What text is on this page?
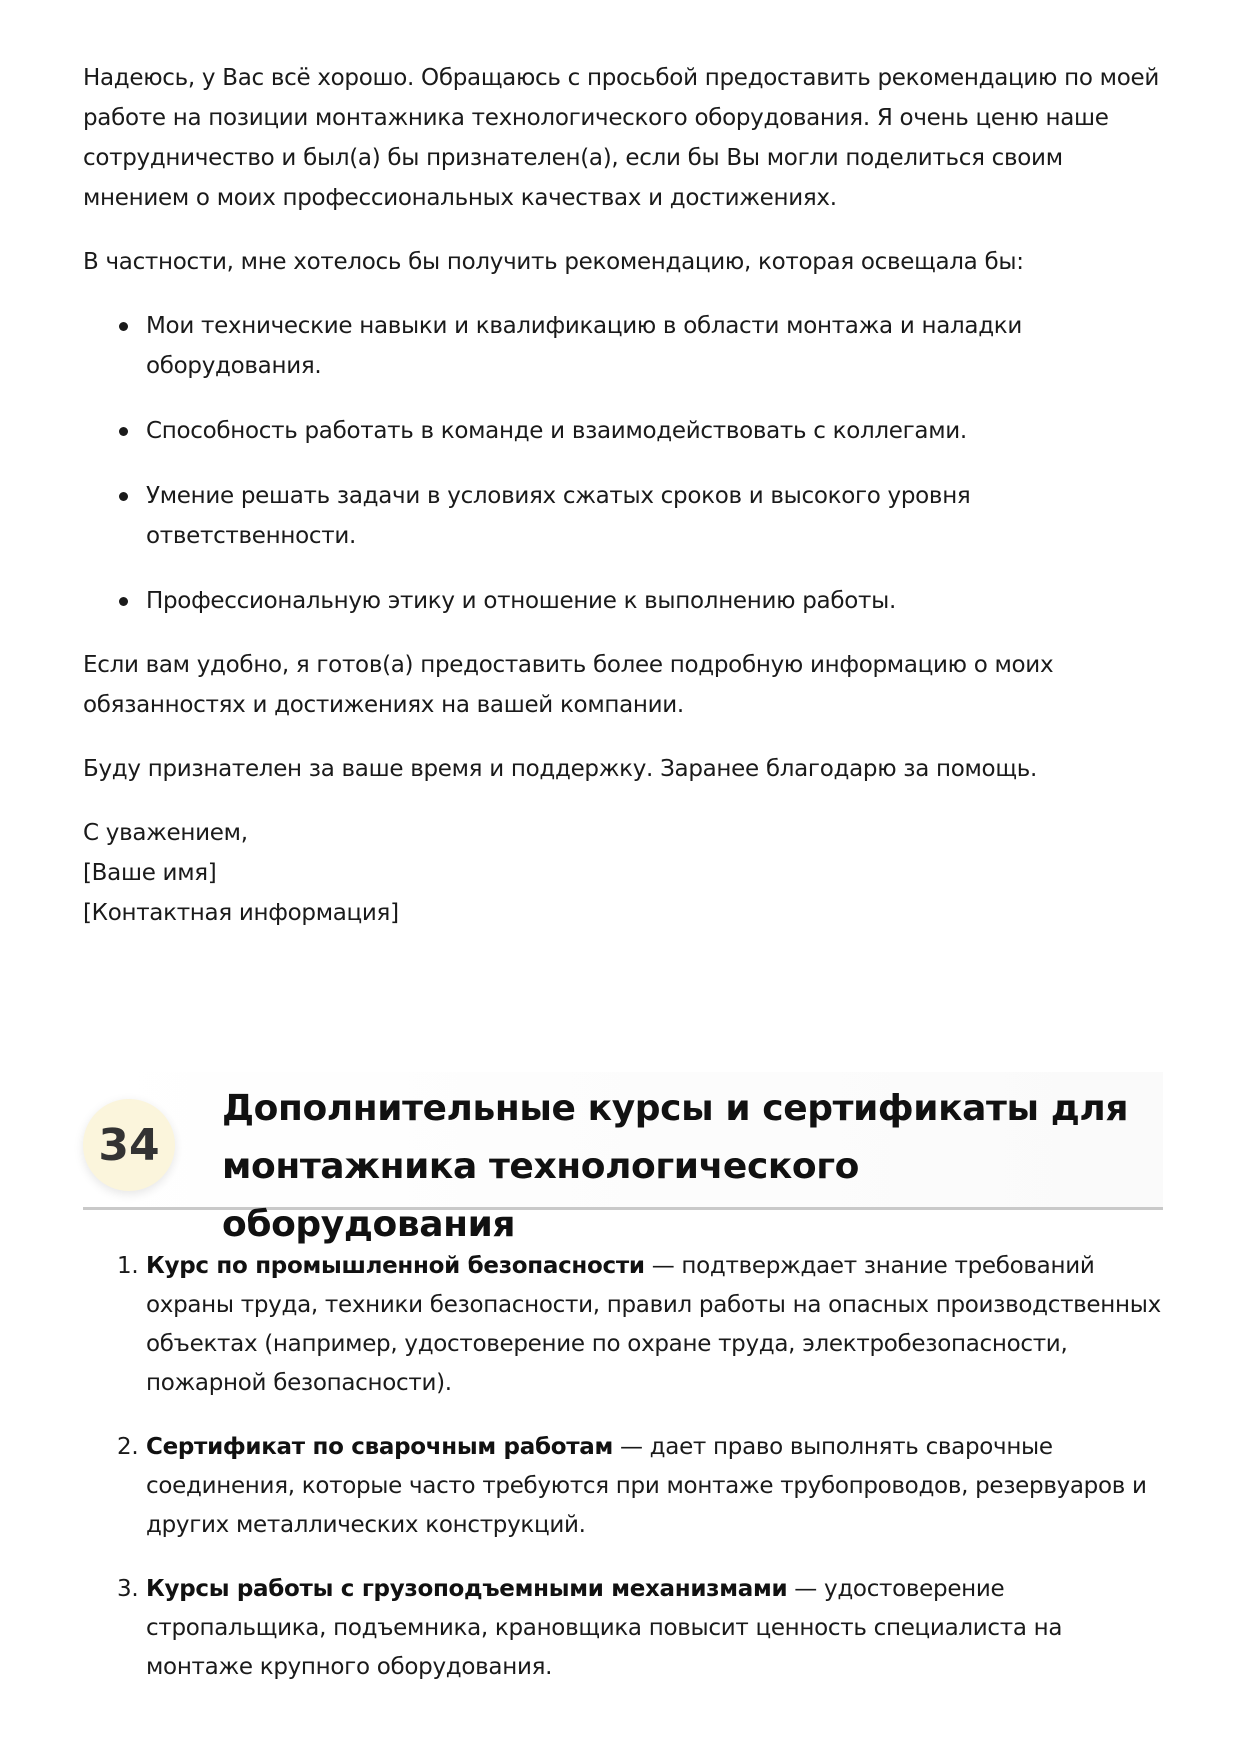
Надеюсь, у Вас всё хорошо. Обращаюсь с просьбой предоставить рекомендацию по моей работе на позиции монтажника технологического оборудования. Я очень ценю наше сотрудничество и был(а) бы признателен(а), если бы Вы могли поделиться своим мнением о моих профессиональных качествах и достижениях.

В частности, мне хотелось бы получить рекомендацию, которая освещала бы:

Мои технические навыки и квалификацию в области монтажа и наладки оборудования.
Способность работать в команде и взаимодействовать с коллегами.
Умение решать задачи в условиях сжатых сроков и высокого уровня ответственности.
Профессиональную этику и отношение к выполнению работы.

Если вам удобно, я готов(а) предоставить более подробную информацию о моих обязанностях и достижениях на вашей компании.

Буду признателен за ваше время и поддержку. Заранее благодарю за помощь.

С уважением,

[Ваше имя]

[Контактная информация]

34
Дополнительные курсы и сертификаты для монтажника технологического оборудования
1. Курс по промышленной безопасности — подтверждает знание требований охраны труда, техники безопасности, правил работы на опасных производственных объектах (например, удостоверение по охране труда, электробезопасности, пожарной безопасности).
2. Сертификат по сварочным работам — дает право выполнять сварочные соединения, которые часто требуются при монтаже трубопроводов, резервуаров и других металлических конструкций.
3. Курсы работы с грузоподъемными механизмами — удостоверение стропальщика, подъемника, крановщика повысит ценность специалиста на монтаже крупного оборудования.
